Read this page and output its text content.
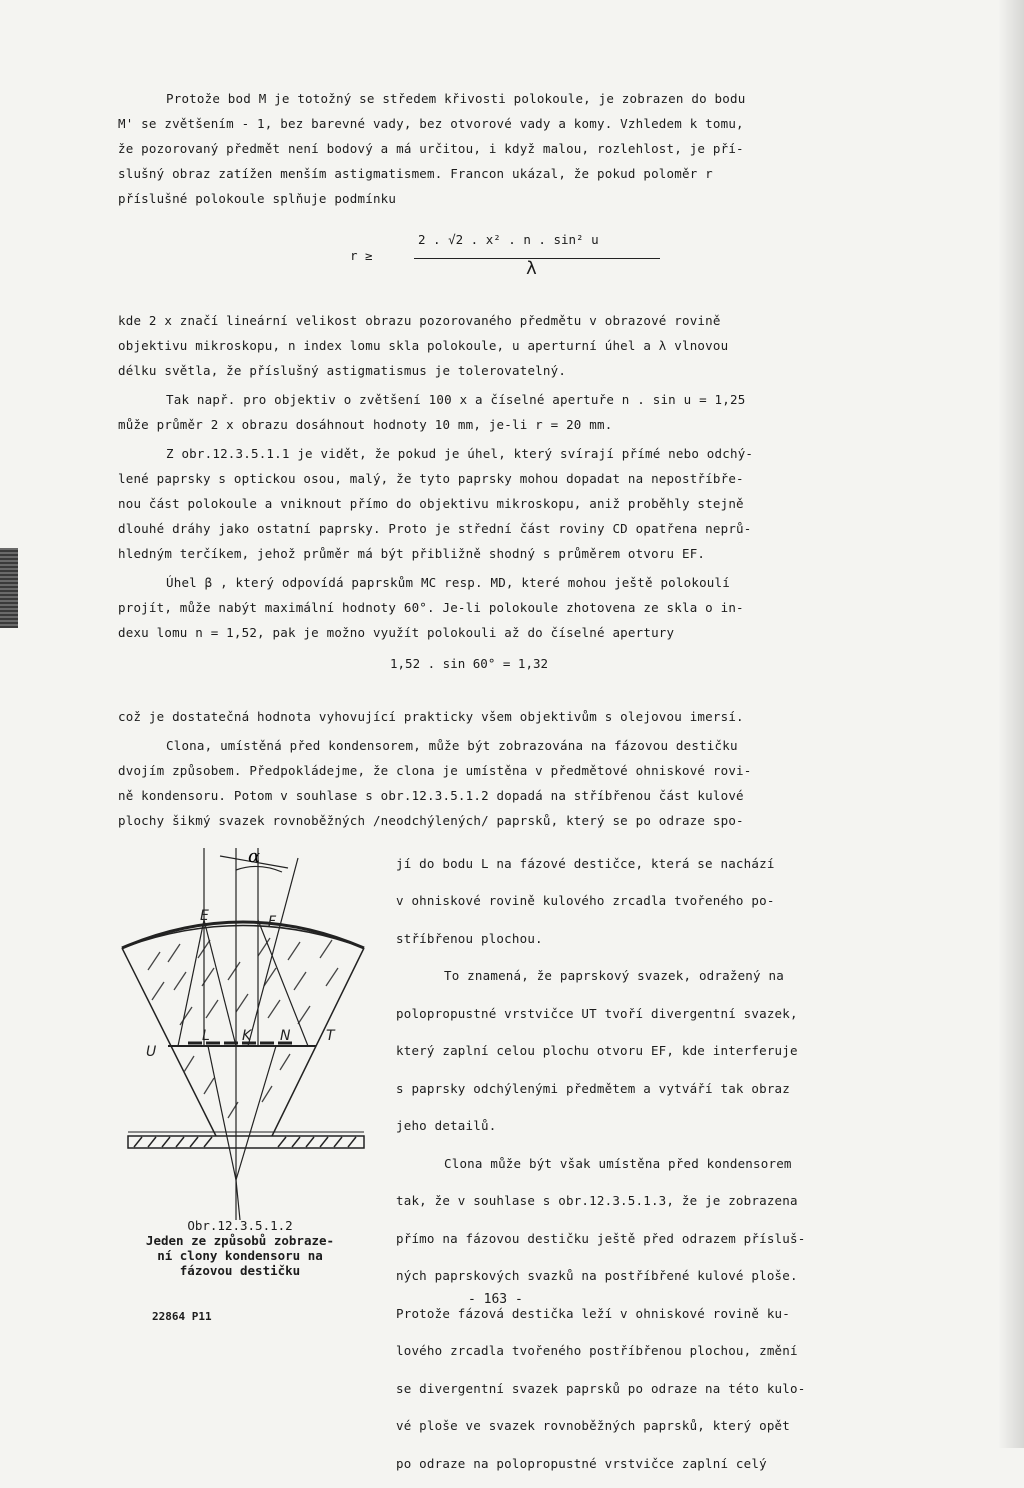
Protože bod M je totožný se středem křivosti polokoule, je zobrazen do bodu

M' se zvětšením - 1, bez barevné vady, bez otvorové vady a komy. Vzhledem k tomu,

že pozorovaný předmět není bodový a má určitou, i když malou, rozlehlost, je pří-

slušný obraz zatížen menším astigmatismem. Francon ukázal, že pokud poloměr r

příslušné polokoule splňuje podmínku

r ≥
2 . √2 . x² . n . sin² u
λ

kde 2 x značí lineární velikost obrazu pozorovaného předmětu v obrazové rovině

objektivu mikroskopu, n index lomu skla polokoule, u aperturní úhel a λ vlnovou

délku světla, že příslušný astigmatismus je tolerovatelný.

Tak např. pro objektiv o zvětšení 100 x a číselné apertuře n . sin u = 1,25

může průměr 2 x obrazu dosáhnout hodnoty 10 mm, je-li r = 20 mm.

Z obr.12.3.5.1.1 je vidět, že pokud je úhel, který svírají přímé nebo odchý-

lené paprsky s optickou osou, malý, že tyto paprsky mohou dopadat na nepostříbře-

nou část polokoule a vniknout přímo do objektivu mikroskopu, aniž proběhly stejně

dlouhé dráhy jako ostatní paprsky. Proto je střední část roviny CD opatřena neprů-

hledným terčíkem, jehož průměr má být přibližně shodný s průměrem otvoru EF.

Úhel β , který odpovídá paprskům MC resp. MD, které mohou ještě polokoulí

projít, může nabýt maximální hodnoty 60°. Je-li polokoule zhotovena ze skla o in-

dexu lomu n = 1,52, pak je možno využít polokouli až do číselné apertury

1,52 . sin 60° = 1,32

což je dostatečná hodnota vyhovující prakticky všem objektivům s olejovou imersí.

Clona, umístěná před kondensorem, může být zobrazována na fázovou destičku

dvojím způsobem. Předpokládejme, že clona je umístěna v předmětové ohniskové rovi-

ně kondensoru. Potom v souhlase s obr.12.3.5.1.2 dopadá na stříbřenou část kulové

plochy šikmý svazek rovnoběžných /neodchýlených/ paprsků, který se po odraze spo-

jí do bodu L na fázové destičce, která se nachází

v ohniskové rovině kulového zrcadla tvořeného po-

stříbřenou plochou.

To znamená, že paprskový svazek, odražený na

polopropustné vrstvičce UT tvoří divergentní svazek,

který zaplní celou plochu otvoru EF, kde interferuje

s paprsky odchýlenými předmětem a vytváří tak obraz

jeho detailů.

Clona může být však umístěna před kondensorem

tak, že v souhlase s obr.12.3.5.1.3, že je zobrazena

přímo na fázovou destičku ještě před odrazem přísluš-

ných paprskových svazků na postříbřené kulové ploše.

Protože fázová destička leží v ohniskové rovině ku-

lového zrcadla tvořeného postříbřenou plochou, změní

se divergentní svazek paprsků po odraze na této kulo-

vé ploše ve svazek rovnoběžných paprsků, který opět

po odraze na polopropustné vrstvičce zaplní celý

α
E	F
U
L K N	T
Obr.12.3.5.1.2
Jeden ze způsobů zobraze-
ní clony kondensoru na
fázovou destičku
- 163 -
22864 P11
